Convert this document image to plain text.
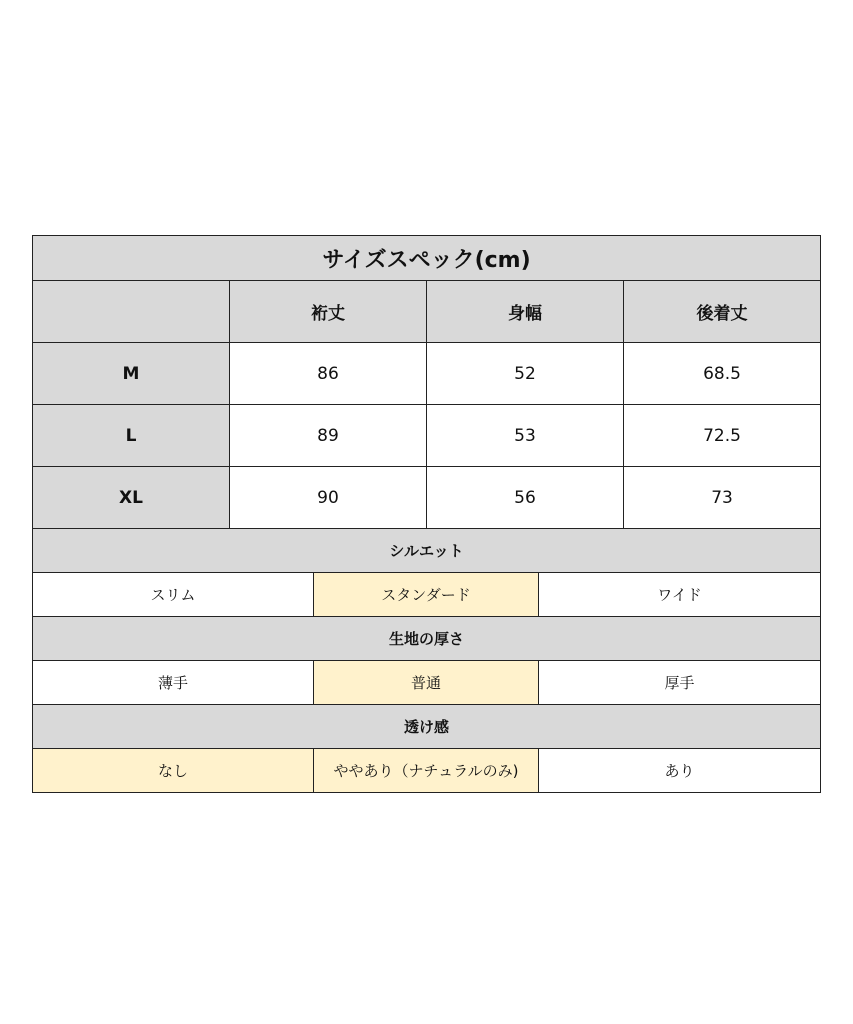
サイズスペック(cm)			
	裄丈	身幅	後着丈
M	86	52	68.5
L	89	53	72.5
XL	90	56	73
シルエット		
スリム	スタンダード	ワイド
生地の厚さ		
薄手	普通	厚手
透け感		
なし	ややあり（ナチュラルのみ)	あり
